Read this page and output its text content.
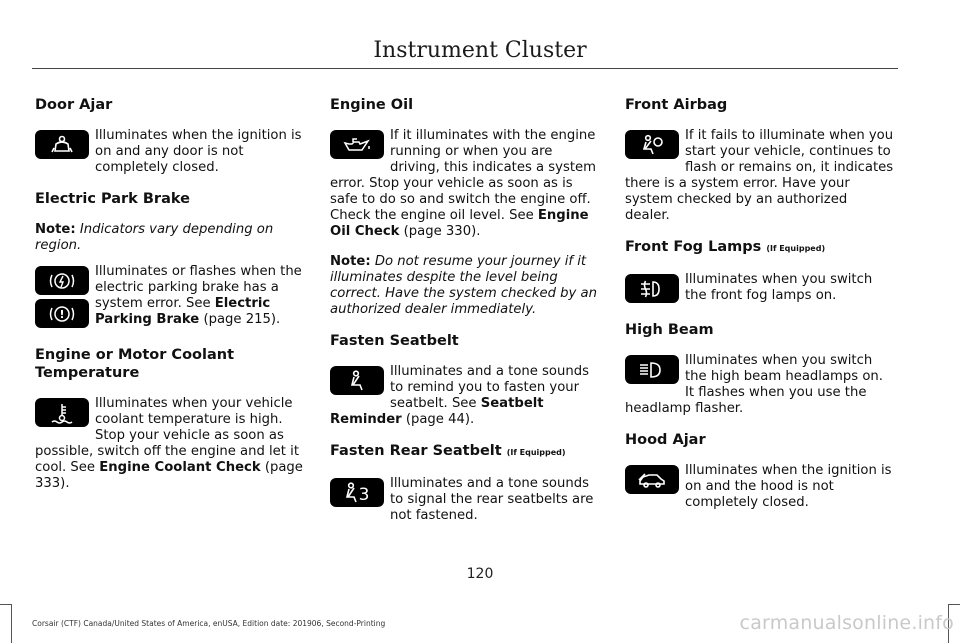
Instrument Cluster
Door Ajar
Illuminates when the ignition is on and any door is not completely closed.
Electric Park Brake
Note: Indicators vary depending on region.
!
Illuminates or flashes when the electric parking brake has a system error. See Electric Parking Brake (page 215).
Engine or Motor Coolant Temperature
Illuminates when your vehicle coolant temperature is high. Stop your vehicle as soon as possible, switch off the engine and let it cool. See Engine Coolant Check (page 333).
Engine Oil
If it illuminates with the engine running or when you are driving, this indicates a system error. Stop your vehicle as soon as is safe to do so and switch the engine off. Check the engine oil level. See Engine Oil Check (page 330).
Note: Do not resume your journey if it illuminates despite the level being correct. Have the system checked by an authorized dealer immediately.
Fasten Seatbelt
Illuminates and a tone sounds to remind you to fasten your seatbelt. See Seatbelt Reminder (page 44).
Fasten Rear Seatbelt (If Equipped)
3
Illuminates and a tone sounds to signal the rear seatbelts are not fastened.
Front Airbag
If it fails to illuminate when you start your vehicle, continues to flash or remains on, it indicates there is a system error. Have your system checked by an authorized dealer.
Front Fog Lamps (If Equipped)
Illuminates when you switch the front fog lamps on.
High Beam
Illuminates when you switch the high beam headlamps on. It flashes when you use the headlamp flasher.
Hood Ajar
Illuminates when the ignition is on and the hood is not completely closed.
120
Corsair (CTF) Canada/United States of America, enUSA, Edition date: 201906, Second-Printing	carmanualsonline.info
